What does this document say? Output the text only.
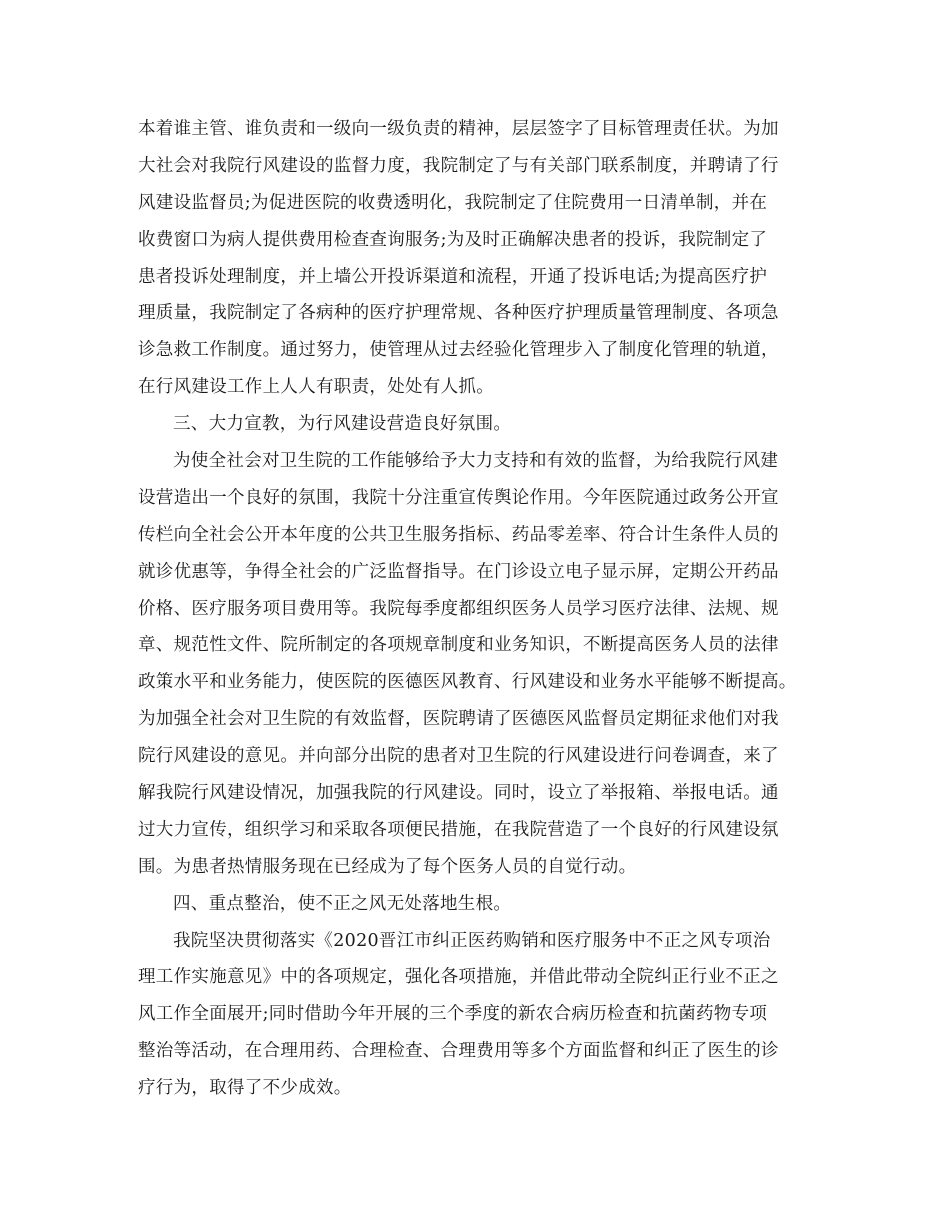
本着谁主管、谁负责和一级向一级负责的精神，层层签字了目标管理责任状。为加
大社会对我院行风建设的监督力度，我院制定了与有关部门联系制度，并聘请了行
风建设监督员;为促进医院的收费透明化，我院制定了住院费用一日清单制，并在
收费窗口为病人提供费用检查查询服务;为及时正确解决患者的投诉，我院制定了
患者投诉处理制度，并上墙公开投诉渠道和流程，开通了投诉电话;为提高医疗护
理质量，我院制定了各病种的医疗护理常规、各种医疗护理质量管理制度、各项急
诊急救工作制度。通过努力，使管理从过去经验化管理步入了制度化管理的轨道，
在行风建设工作上人人有职责，处处有人抓。
三、大力宣教，为行风建设营造良好氛围。
为使全社会对卫生院的工作能够给予大力支持和有效的监督，为给我院行风建
设营造出一个良好的氛围，我院十分注重宣传舆论作用。今年医院通过政务公开宣
传栏向全社会公开本年度的公共卫生服务指标、药品零差率、符合计生条件人员的
就诊优惠等，争得全社会的广泛监督指导。在门诊设立电子显示屏，定期公开药品
价格、医疗服务项目费用等。我院每季度都组织医务人员学习医疗法律、法规、规
章、规范性文件、院所制定的各项规章制度和业务知识，不断提高医务人员的法律
政策水平和业务能力，使医院的医德医风教育、行风建设和业务水平能够不断提高。
为加强全社会对卫生院的有效监督，医院聘请了医德医风监督员定期征求他们对我
院行风建设的意见。并向部分出院的患者对卫生院的行风建设进行问卷调查，来了
解我院行风建设情况，加强我院的行风建设。同时，设立了举报箱、举报电话。通
过大力宣传，组织学习和采取各项便民措施，在我院营造了一个良好的行风建设氛
围。为患者热情服务现在已经成为了每个医务人员的自觉行动。
四、重点整治，使不正之风无处落地生根。
我院坚决贯彻落实《2020晋江市纠正医药购销和医疗服务中不正之风专项治
理工作实施意见》中的各项规定，强化各项措施，并借此带动全院纠正行业不正之
风工作全面展开;同时借助今年开展的三个季度的新农合病历检查和抗菌药物专项
整治等活动，在合理用药、合理检查、合理费用等多个方面监督和纠正了医生的诊
疗行为，取得了不少成效。
